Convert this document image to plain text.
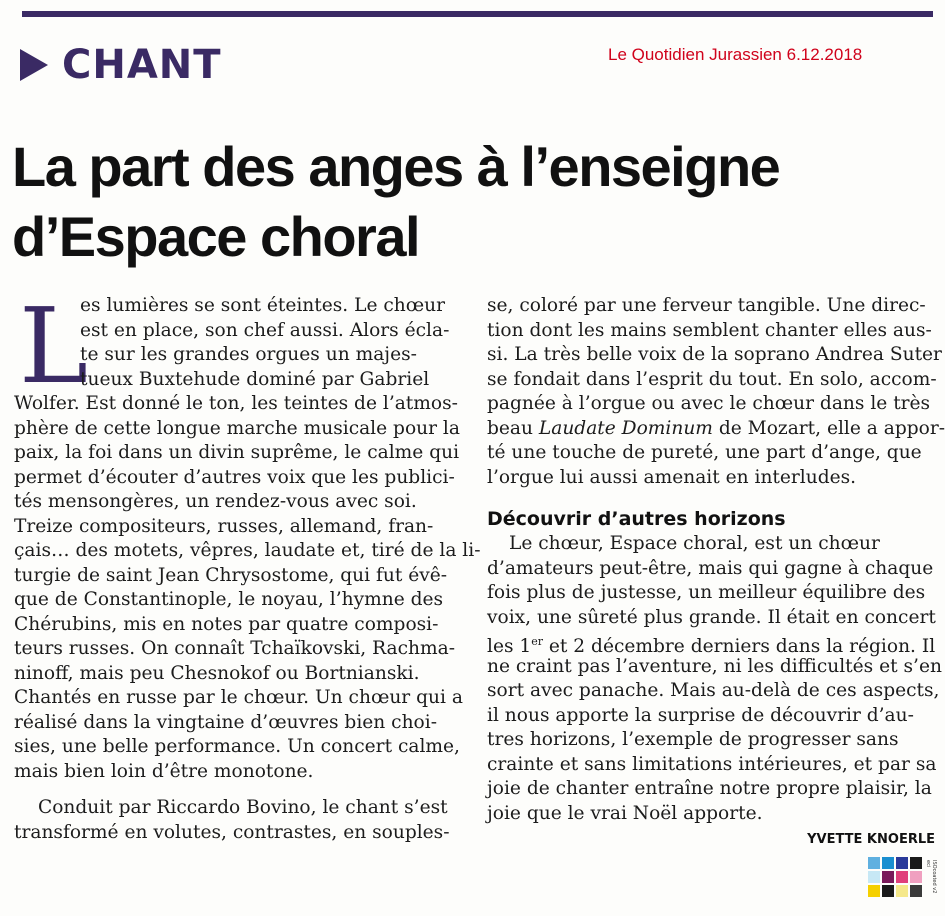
CHANT	Le Quotidien Jurassien 6.12.2018
La part des anges à l’enseigne
d’Espace choral
L
es lumières se sont éteintes. Le chœur
est en place, son chef aussi. Alors écla-
te sur les grandes orgues un majes-
tueux Buxtehude dominé par Gabriel
Wolfer. Est donné le ton, les teintes de l’atmos-
phère de cette longue marche musicale pour la
paix, la foi dans un divin suprême, le calme qui
permet d’écouter d’autres voix que les publici-
tés mensongères, un rendez-vous avec soi.
Treize compositeurs, russes, allemand, fran-
çais… des motets, vêpres, laudate et, tiré de la li-
turgie de saint Jean Chrysostome, qui fut évê-
que de Constantinople, le noyau, l’hymne des
Chérubins, mis en notes par quatre composi-
teurs russes. On connaît Tchaïkovski, Rachma-
ninoff, mais peu Chesnokof ou Bortnianski.
Chantés en russe par le chœur. Un chœur qui a
réalisé dans la vingtaine d’œuvres bien choi-
sies, une belle performance. Un concert calme,
mais bien loin d’être monotone.
Conduit par Riccardo Bovino, le chant s’est
transformé en volutes, contrastes, en souples-
se, coloré par une ferveur tangible. Une direc-
tion dont les mains semblent chanter elles aus-
si. La très belle voix de la soprano Andrea Suter
se fondait dans l’esprit du tout. En solo, accom-
pagnée à l’orgue ou avec le chœur dans le très
beau Laudate Dominum de Mozart, elle a appor-
té une touche de pureté, une part d’ange, que
l’orgue lui aussi amenait en interludes.
Découvrir d’autres horizons
Le chœur, Espace choral, est un chœur
d’amateurs peut-être, mais qui gagne à chaque
fois plus de justesse, un meilleur équilibre des
voix, une sûreté plus grande. Il était en concert
les 1er et 2 décembre derniers dans la région. Il
ne craint pas l’aventure, ni les difficultés et s’en
sort avec panache. Mais au-delà de ces aspects,
il nous apporte la surprise de découvrir d’au-
tres horizons, l’exemple de progresser sans
crainte et sans limitations intérieures, et par sa
joie de chanter entraîne notre propre plaisir, la
joie que le vrai Noël apporte.
YVETTE KNOERLE
ISOcoated v2 eci
